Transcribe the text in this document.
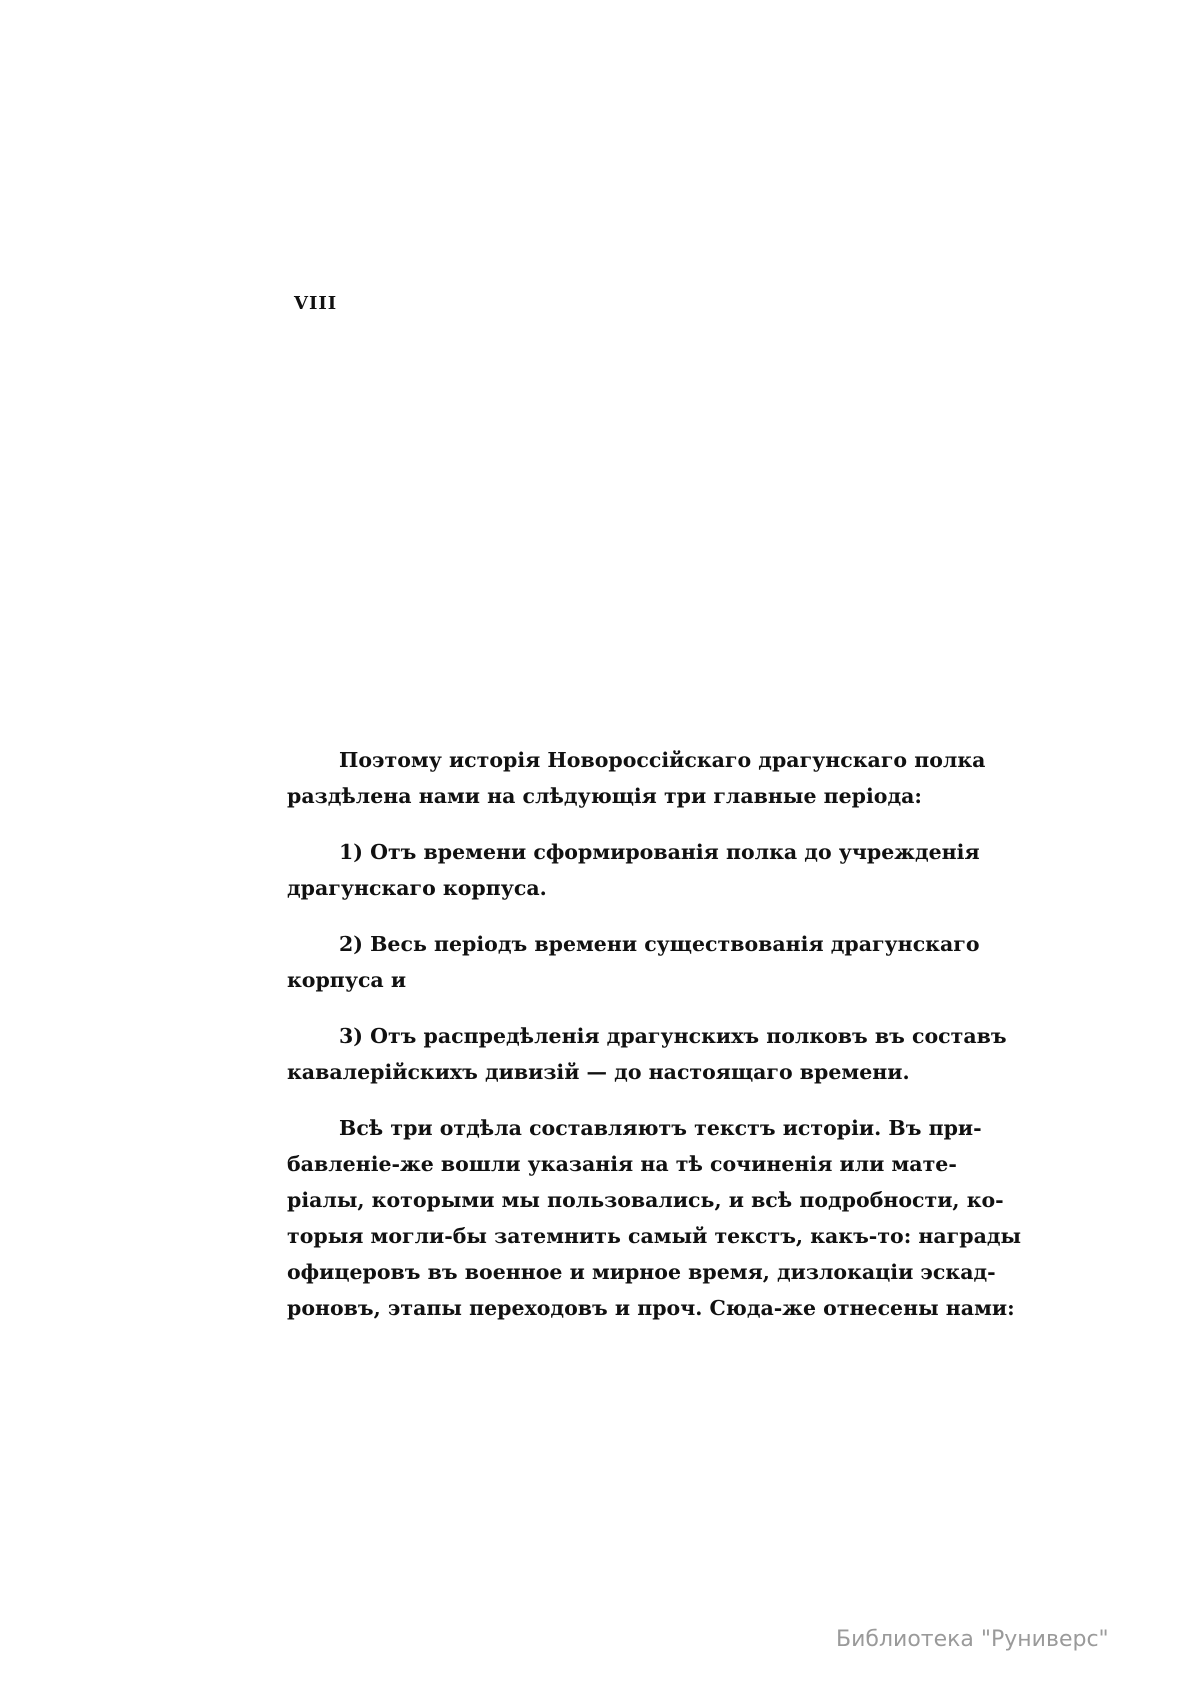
VIII

Поэтому исторія Новороссійскаго драгунскаго полка
раздѣлена нами на слѣдующія три главные періода:

1) Отъ времени сформированія полка до учрежденія
драгунскаго корпуса.

2) Весь періодъ времени существованія драгунскаго
корпуса и

3) Отъ распредѣленія драгунскихъ полковъ въ составъ
кавалерійскихъ дивизій — до настоящаго времени.

Всѣ три отдѣла составляютъ текстъ исторіи. Въ при-
бавленіе-же вошли указанія на тѣ сочиненія или мате-
ріалы, которыми мы пользовались, и всѣ подробности, ко-
торыя могли-бы затемнить самый текстъ, какъ-то: награды
офицеровъ въ военное и мирное время, дизлокаціи эскад-
роновъ, этапы переходовъ и проч. Сюда-же отнесены нами:

Библиотека "Руниверс"
